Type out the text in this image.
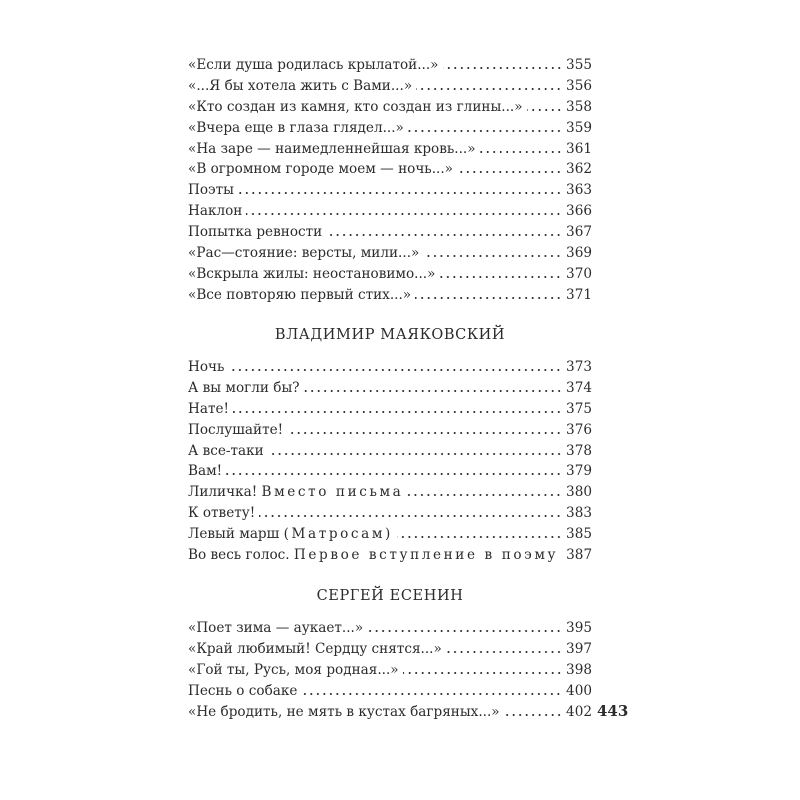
«Если душа родилась крылатой...»	355
«...Я бы хотела жить с Вами...»	356
«Кто создан из камня, кто создан из глины...»	358
«Вчера еще в глаза глядел...»	359
«На заре — наимедленнейшая кровь...»	361
«В огромном городе моем — ночь...»	362
Поэты	363
Наклон	366
Попытка ревности	367
«Рас—стояние: версты, мили...»	369
«Вскрыла жилы: неостановимо...»	370
«Все повторяю первый стих...»	371
ВЛАДИМИР МАЯКОВСКИЙ
Ночь	373
А вы могли бы?	374
Нате!	375
Послушайте!	376
А все-таки	378
Вам!	379
Лиличка! Вместо письма	380
К ответу!	383
Левый марш (Матросам)	385
Во весь голос. Первое вступление в поэму 387
СЕРГЕЙ ЕСЕНИН
«Поет зима — аукает...»	395
«Край любимый! Сердцу снятся...»	397
«Гой ты, Русь, моя родная...»	398
Песнь о собаке	400
«Не бродить, не мять в кустах багряных...»	402 443
